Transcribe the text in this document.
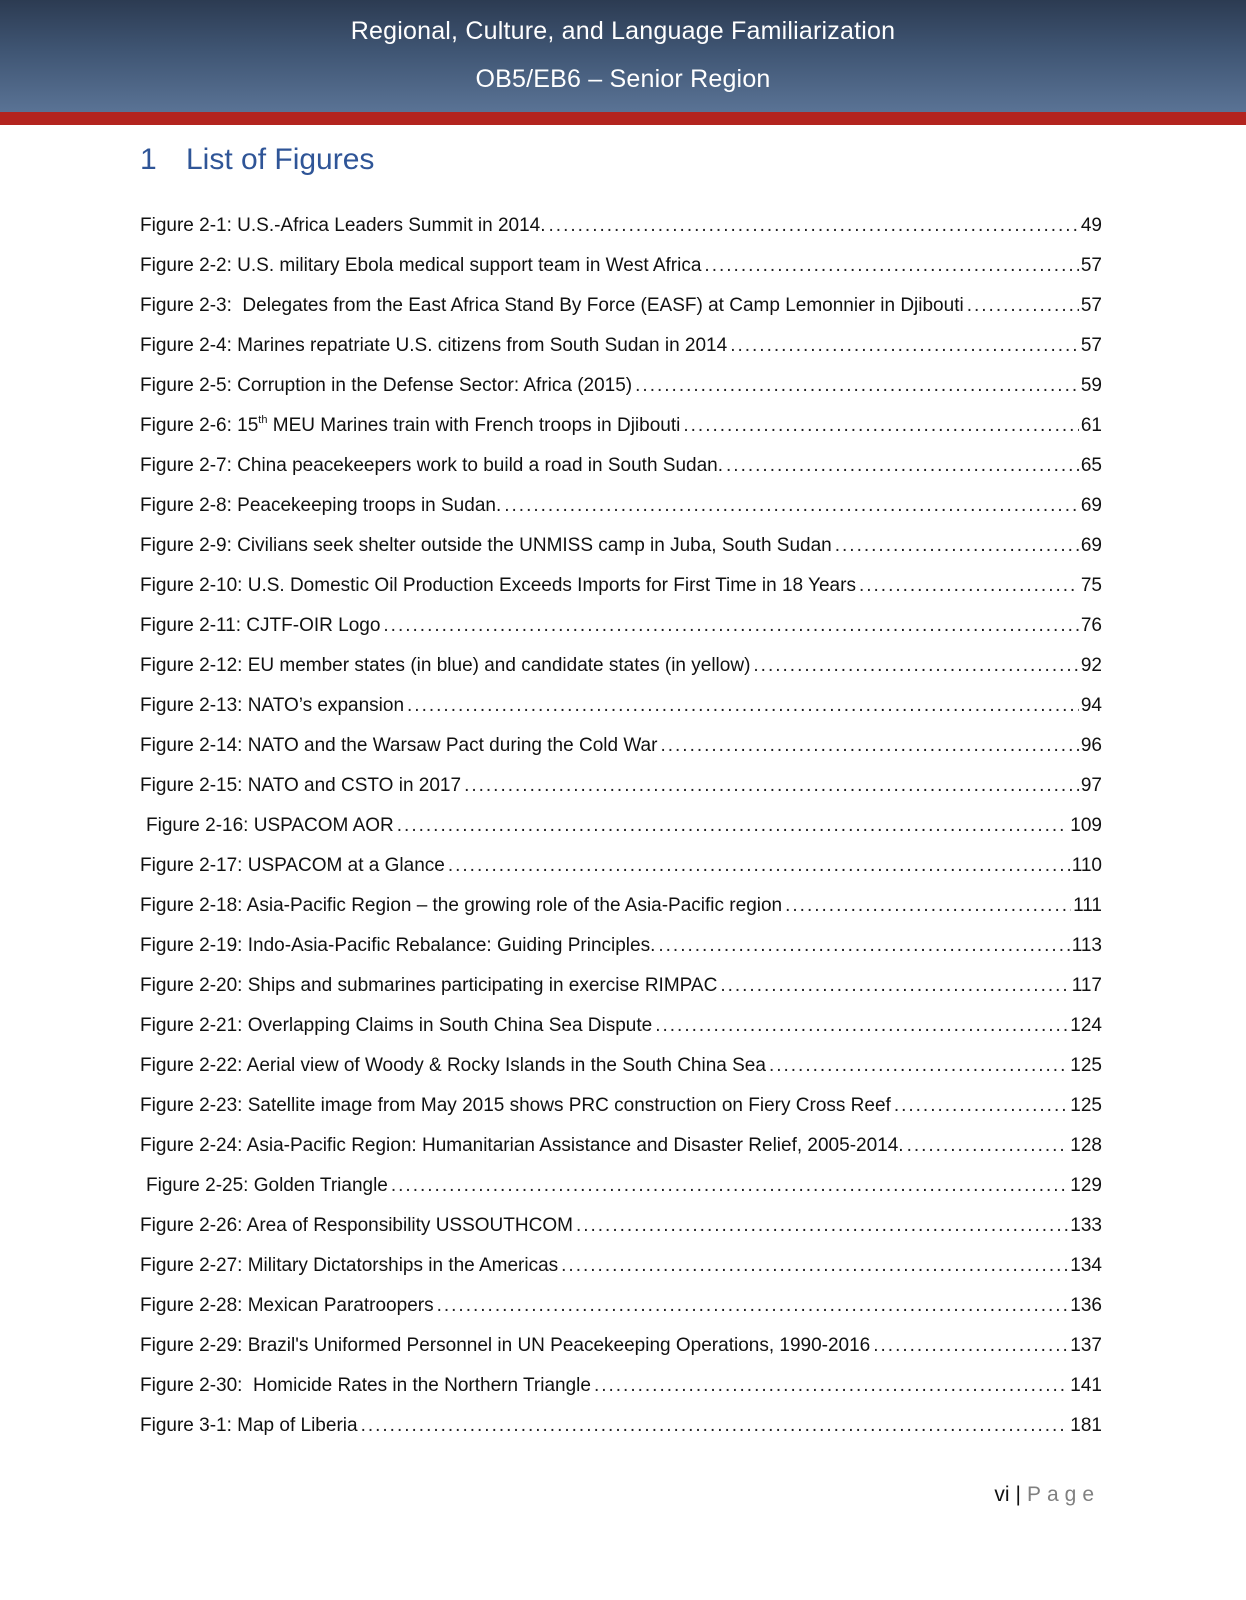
Regional, Culture, and Language Familiarization
OB5/EB6 – Senior Region
1 List of Figures
Figure 2-1: U.S.-Africa Leaders Summit in 2014. .....	49
Figure 2-2: U.S. military Ebola medical support team in West Africa .....	57
Figure 2-3:  Delegates from the East Africa Stand By Force (EASF) at Camp Lemonnier in Djibouti .....	57
Figure 2-4: Marines repatriate U.S. citizens from South Sudan in 2014 .....	57
Figure 2-5: Corruption in the Defense Sector: Africa (2015) .....	59
Figure 2-6: 15th MEU Marines train with French troops in Djibouti .....	61
Figure 2-7: China peacekeepers work to build a road in South Sudan. .....	65
Figure 2-8: Peacekeeping troops in Sudan. .....	69
Figure 2-9: Civilians seek shelter outside the UNMISS camp in Juba, South Sudan .....	69
Figure 2-10: U.S. Domestic Oil Production Exceeds Imports for First Time in 18 Years .....	75
Figure 2-11: CJTF-OIR Logo .....	76
Figure 2-12: EU member states (in blue) and candidate states (in yellow) .....	92
Figure 2-13: NATO’s expansion .....	94
Figure 2-14: NATO and the Warsaw Pact during the Cold War .....	96
Figure 2-15: NATO and CSTO in 2017 .....	97
Figure 2-16: USPACOM AOR .....	109
Figure 2-17: USPACOM at a Glance .....	110
Figure 2-18: Asia-Pacific Region – the growing role of the Asia-Pacific region .....	111
Figure 2-19: Indo-Asia-Pacific Rebalance: Guiding Principles. .....	113
Figure 2-20: Ships and submarines participating in exercise RIMPAC .....	117
Figure 2-21: Overlapping Claims in South China Sea Dispute .....	124
Figure 2-22: Aerial view of Woody & Rocky Islands in the South China Sea .....	125
Figure 2-23: Satellite image from May 2015 shows PRC construction on Fiery Cross Reef .....	125
Figure 2-24: Asia-Pacific Region: Humanitarian Assistance and Disaster Relief, 2005-2014. .....	128
Figure 2-25: Golden Triangle .....	129
Figure 2-26: Area of Responsibility USSOUTHCOM .....	133
Figure 2-27: Military Dictatorships in the Americas .....	134
Figure 2-28: Mexican Paratroopers .....	136
Figure 2-29: Brazil's Uniformed Personnel in UN Peacekeeping Operations, 1990-2016 .....	137
Figure 2-30:  Homicide Rates in the Northern Triangle .....	141
Figure 3-1: Map of Liberia .....	181
vi | Page
